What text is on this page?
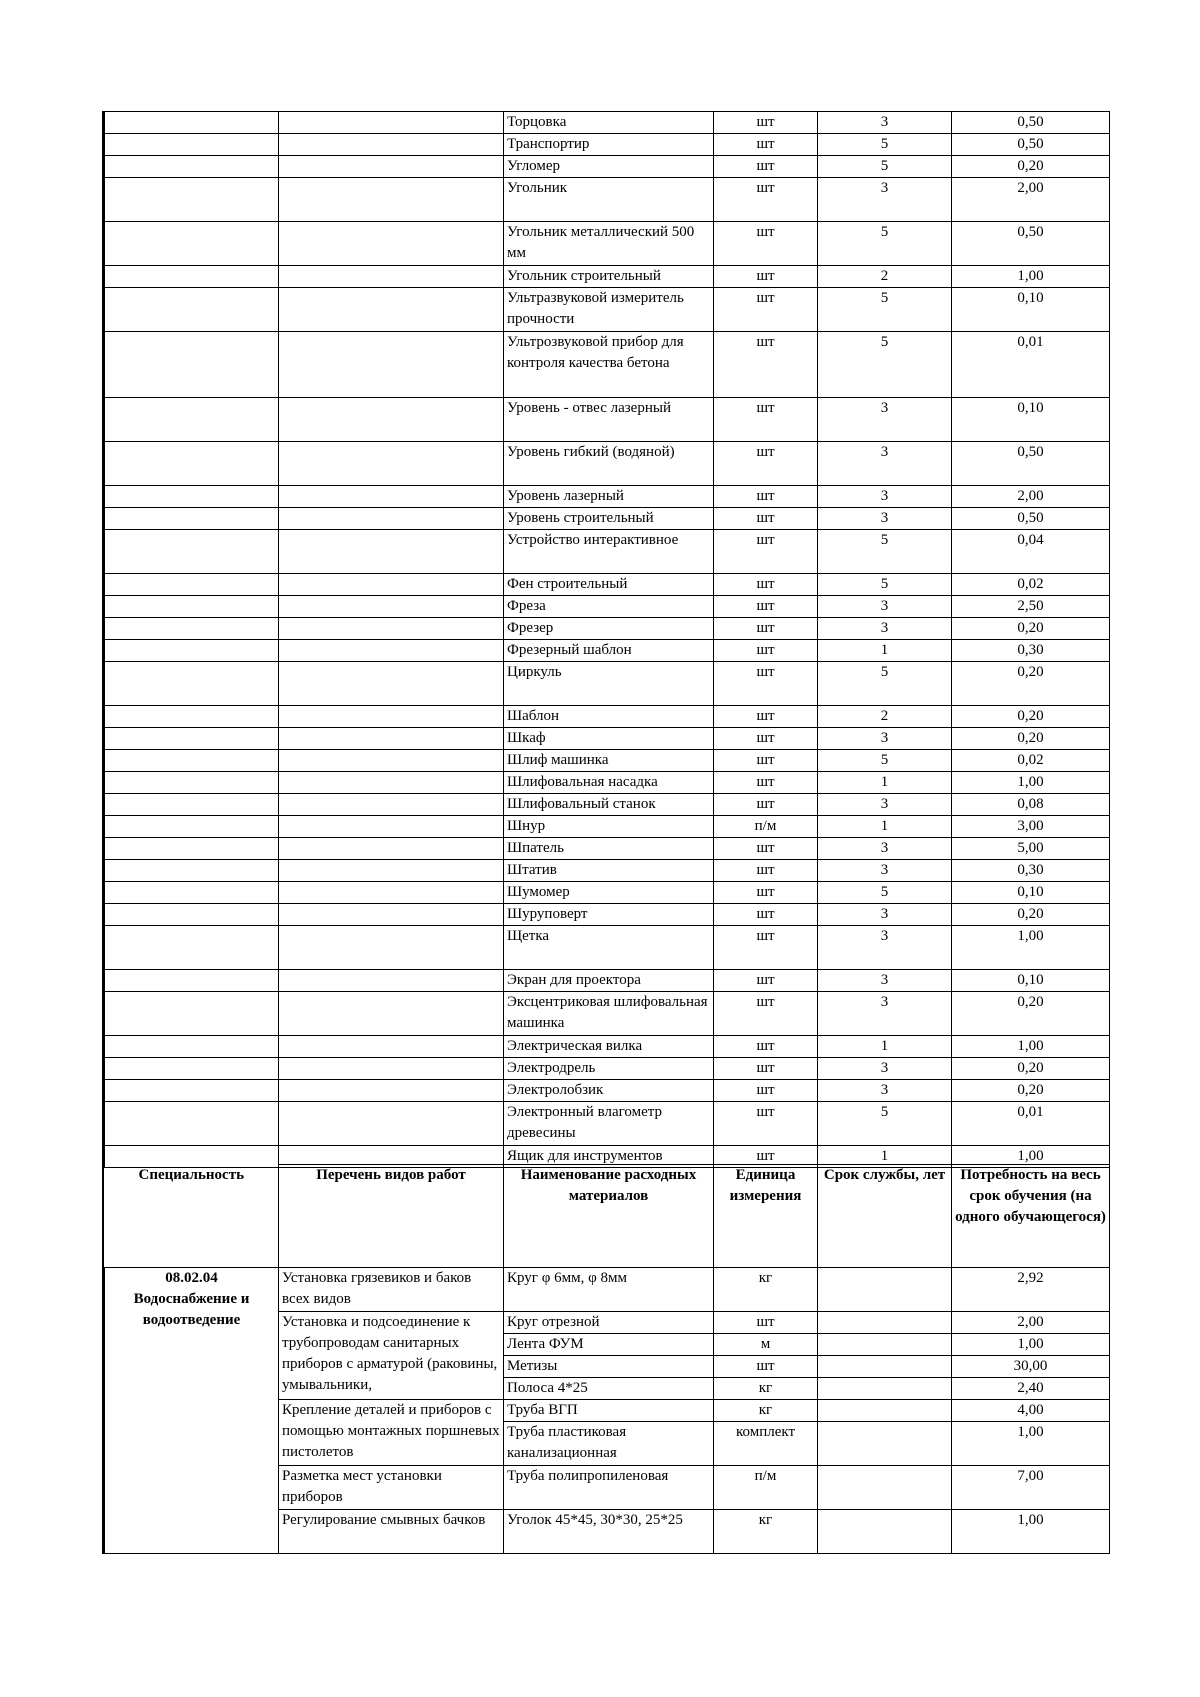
		Торцовка	шт	3	0,50
		Транспортир	шт	5	0,50
		Угломер	шт	5	0,20
		Угольник	шт	3	2,00
		Угольник металлический 500 мм	шт	5	0,50
		Угольник строительный	шт	2	1,00
		Ультразвуковой измеритель прочности	шт	5	0,10
		Ультрозвуковой прибор для контроля качества бетона	шт	5	0,01
		Уровень - отвес лазерный	шт	3	0,10
		Уровень гибкий (водяной)	шт	3	0,50
		Уровень лазерный	шт	3	2,00
		Уровень строительный	шт	3	0,50
		Устройство интерактивное	шт	5	0,04
		Фен строительный	шт	5	0,02
		Фреза	шт	3	2,50
		Фрезер	шт	3	0,20
		Фрезерный шаблон	шт	1	0,30
		Циркуль	шт	5	0,20
		Шаблон	шт	2	0,20
		Шкаф	шт	3	0,20
		Шлиф машинка	шт	5	0,02
		Шлифовальная насадка	шт	1	1,00
		Шлифовальный станок	шт	3	0,08
		Шнур	п/м	1	3,00
		Шпатель	шт	3	5,00
		Штатив	шт	3	0,30
		Шумомер	шт	5	0,10
		Шуруповерт	шт	3	0,20
		Щетка	шт	3	1,00
		Экран для проектора	шт	3	0,10
		Эксцентриковая шлифовальная машинка	шт	3	0,20
		Электрическая вилка	шт	1	1,00
		Электродрель	шт	3	0,20
		Электролобзик	шт	3	0,20
		Электронный влагометр древесины	шт	5	0,01
		Ящик для инструментов	шт	1	1,00
Специальность	Перечень видов работ	Наименование расходных материалов	Единица измерения	Срок службы, лет	Потребность на весь срок обучения (на одного обучающегося)

08.02.04
Водоснабжение и водоотведение	Установка грязевиков и баков всех видов	Круг φ 6мм, φ 8мм	кг		2,92
	Установка и подсоединение к трубопроводам санитарных приборов с арматурой (раковины, умывальники,	Круг отрезной	шт		2,00
		Лента ФУМ	м		1,00
		Метизы	шт		30,00
		Полоса 4*25	кг		2,40
	Крепление деталей и приборов с помощью монтажных поршневых пистолетов	Труба ВГП	кг		4,00
		Труба пластиковая канализационная	комплект		1,00
	Разметка мест установки приборов	Труба полипропиленовая	п/м		7,00
	Регулирование смывных бачков	Уголок 45*45, 30*30, 25*25	кг		1,00
